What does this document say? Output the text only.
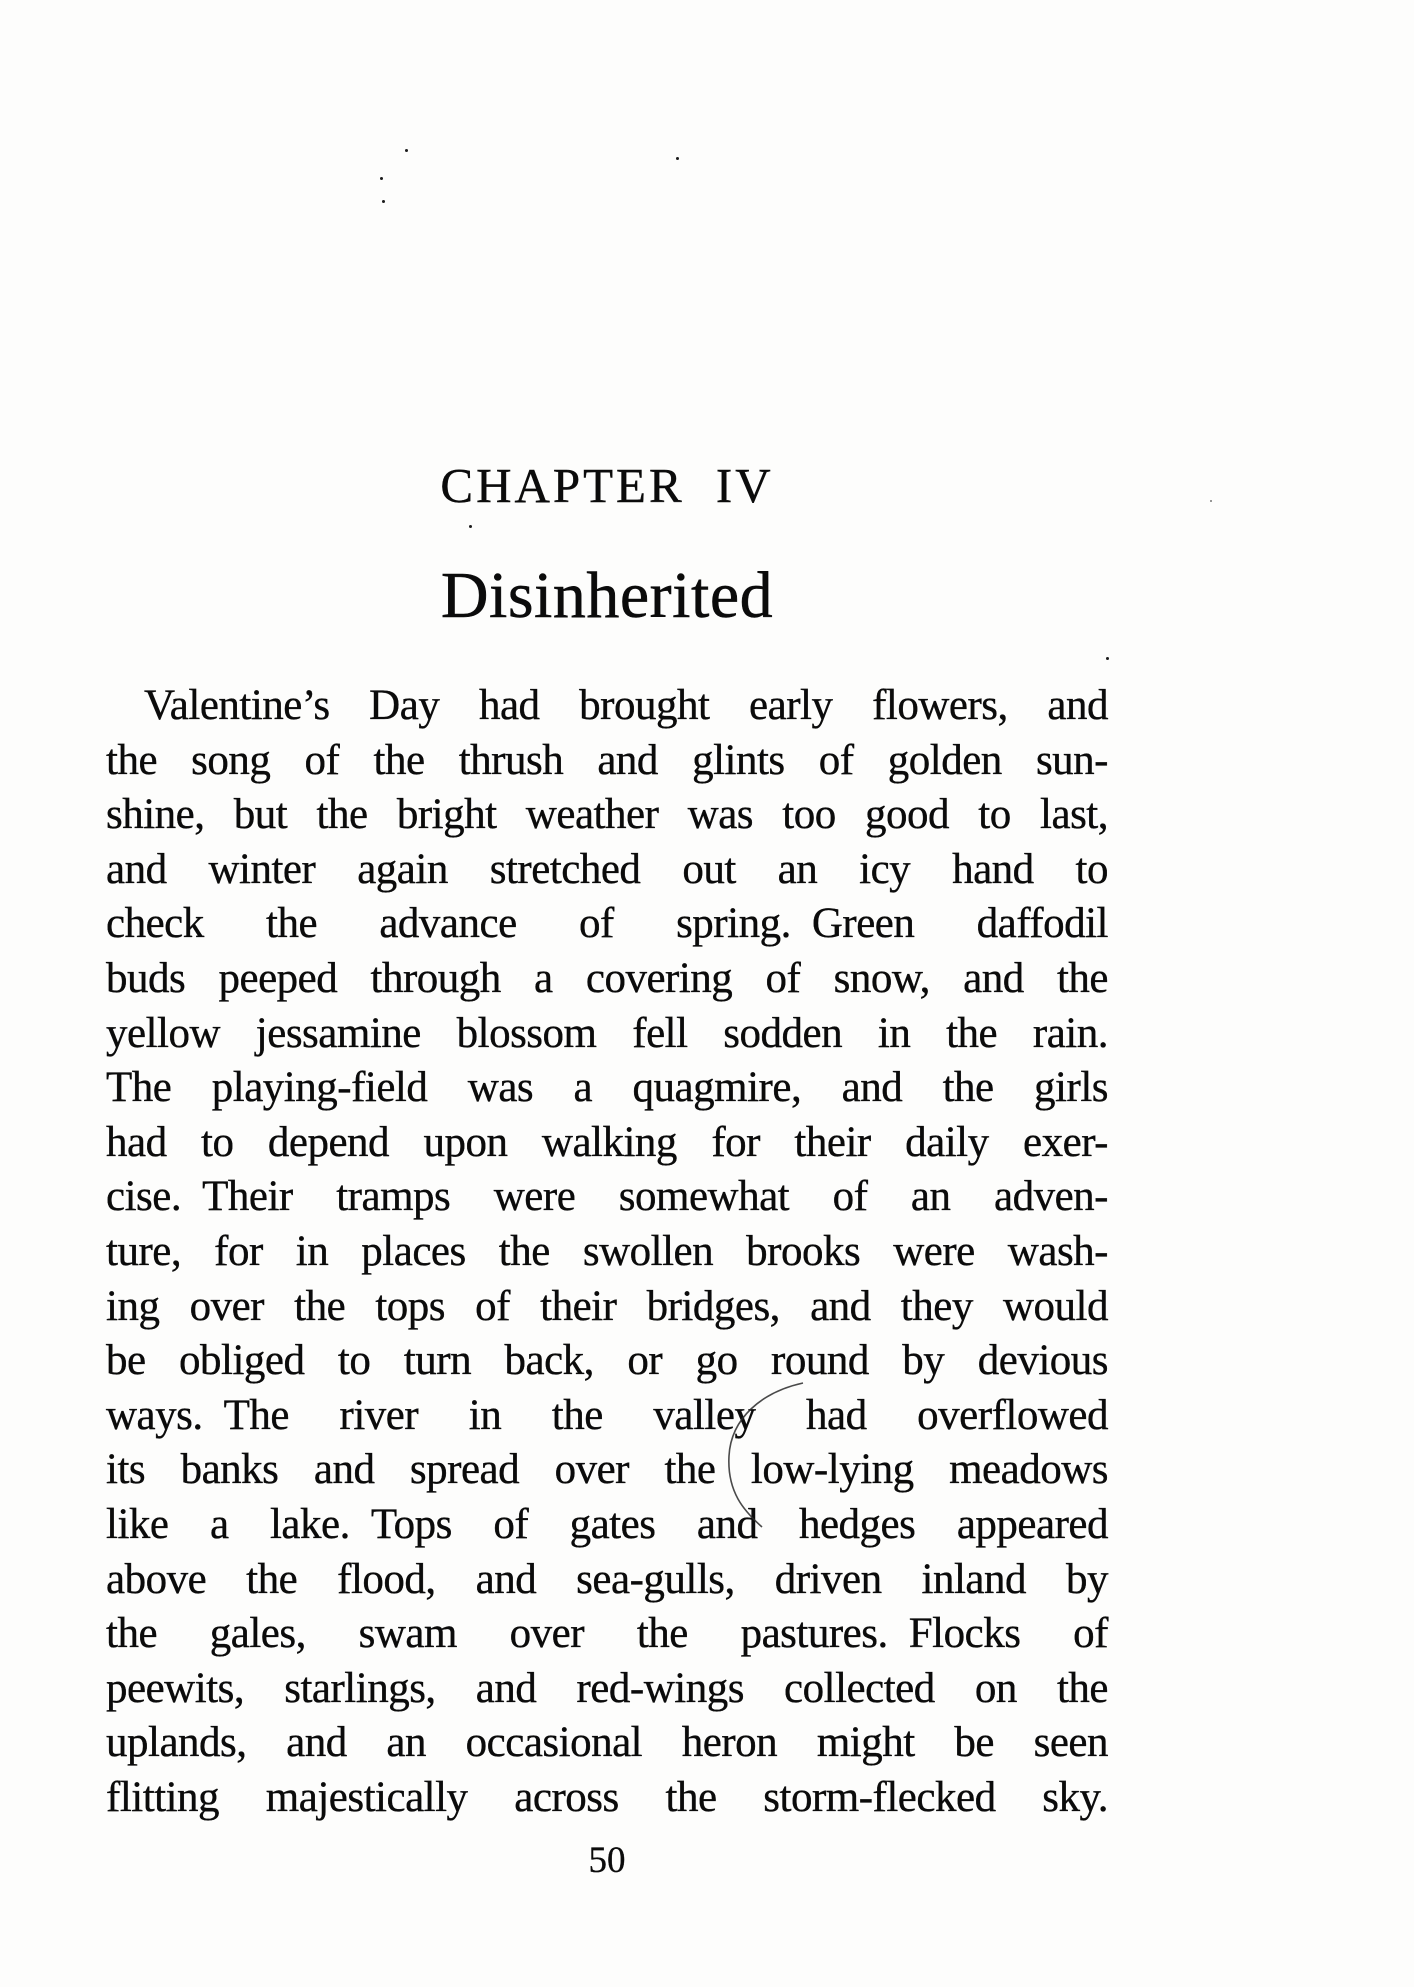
CHAPTER IV
Disinherited
Valentine’s Day had brought early flowers, and
the song of the thrush and glints of golden sun-
shine, but the bright weather was too good to last,
and winter again stretched out an icy hand to
check the advance of spring. Green daffodil
buds peeped through a covering of snow, and the
yellow jessamine blossom fell sodden in the rain.
The playing-field was a quagmire, and the girls
had to depend upon walking for their daily exer-
cise. Their tramps were somewhat of an adven-
ture, for in places the swollen brooks were wash-
ing over the tops of their bridges, and they would
be obliged to turn back, or go round by devious
ways. The river in the valley had overflowed
its banks and spread over the low-lying meadows
like a lake. Tops of gates and hedges appeared
above the flood, and sea-gulls, driven inland by
the gales, swam over the pastures. Flocks of
peewits, starlings, and red-wings collected on the
uplands, and an occasional heron might be seen
flitting majestically across the storm-flecked sky.
50
